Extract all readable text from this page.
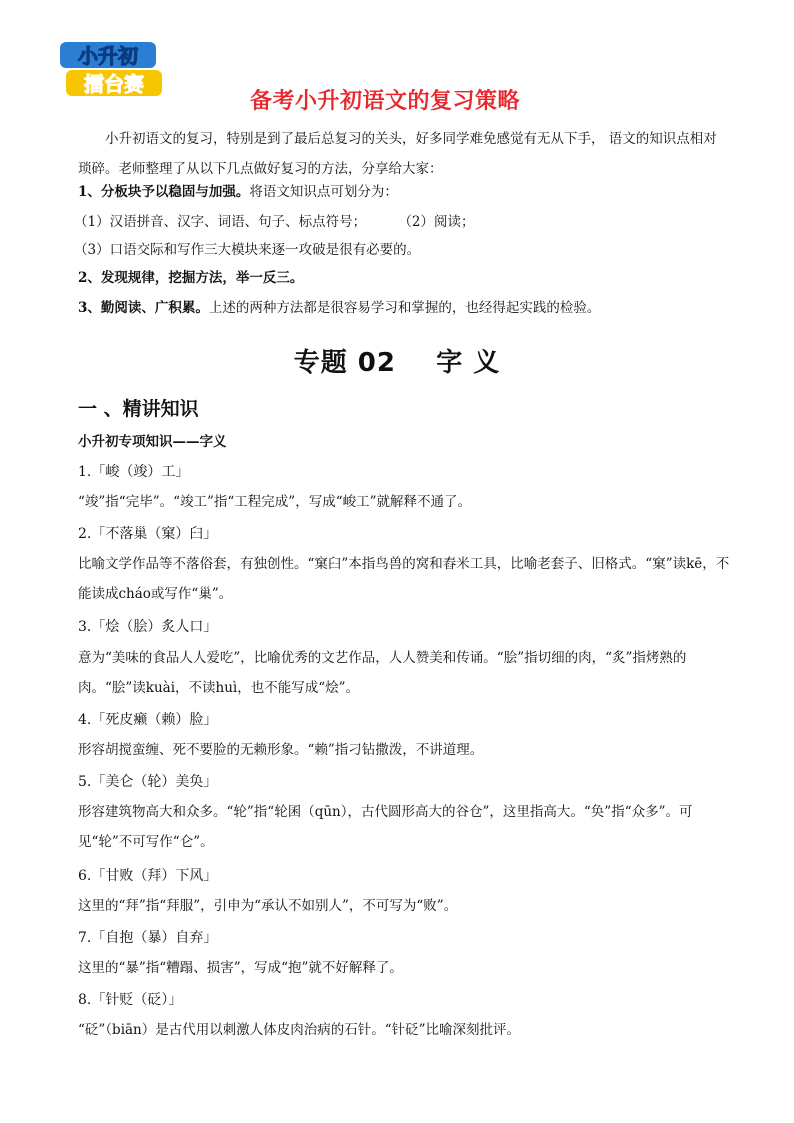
小升初
擂台赛
备考小升初语文的复习策略

小升初语文的复习，特别是到了最后总复习的关头，好多同学难免感觉有无从下手， 语文的知识点相对琐碎。老师整理了从以下几点做好复习的方法，分享给大家：

1、分板块予以稳固与加强。将语文知识点可划分为：

（1）汉语拼音、汉字、词语、句子、标点符号； （2）阅读；

（3）口语交际和写作三大模块来逐一攻破是很有必要的。

2、发现规律，挖掘方法，举一反三。

3、勤阅读、广积累。上述的两种方法都是很容易学习和掌握的，也经得起实践的检验。

专题 02    字 义
一 、精讲知识
小升初专项知识——字义

1.「峻（竣）工」

“竣”指“完毕”。“竣工”指“工程完成”，写成“峻工”就解释不通了。

2.「不落巢（窠）臼」

比喻文学作品等不落俗套，有独创性。“窠臼”本指鸟兽的窝和舂米工具，比喻老套子、旧格式。“窠”读kē，不能读成cháo或写作“巢”。

3.「烩（脍）炙人口」

意为“美味的食品人人爱吃”，比喻优秀的文艺作品，人人赞美和传诵。“脍”指切细的肉，“炙”指烤熟的肉。“脍”读kuài，不读huì，也不能写成“烩”。

4.「死皮癞（赖）脸」

形容胡搅蛮缠、死不要脸的无赖形象。“赖”指刁钻撒泼，不讲道理。

5.「美仑（轮）美奂」

形容建筑物高大和众多。“轮”指“轮囷（qūn），古代圆形高大的谷仓”，这里指高大。“奂”指“众多”。可见“轮”不可写作“仑”。

6.「甘败（拜）下风」

这里的“拜”指“拜服”，引申为“承认不如别人”，不可写为“败”。

7.「自抱（暴）自弃」

这里的“暴”指“糟蹋、损害”，写成“抱”就不好解释了。

8.「针贬（砭）」

“砭”（biān）是古代用以刺激人体皮肉治病的石针。“针砭”比喻深刻批评。
